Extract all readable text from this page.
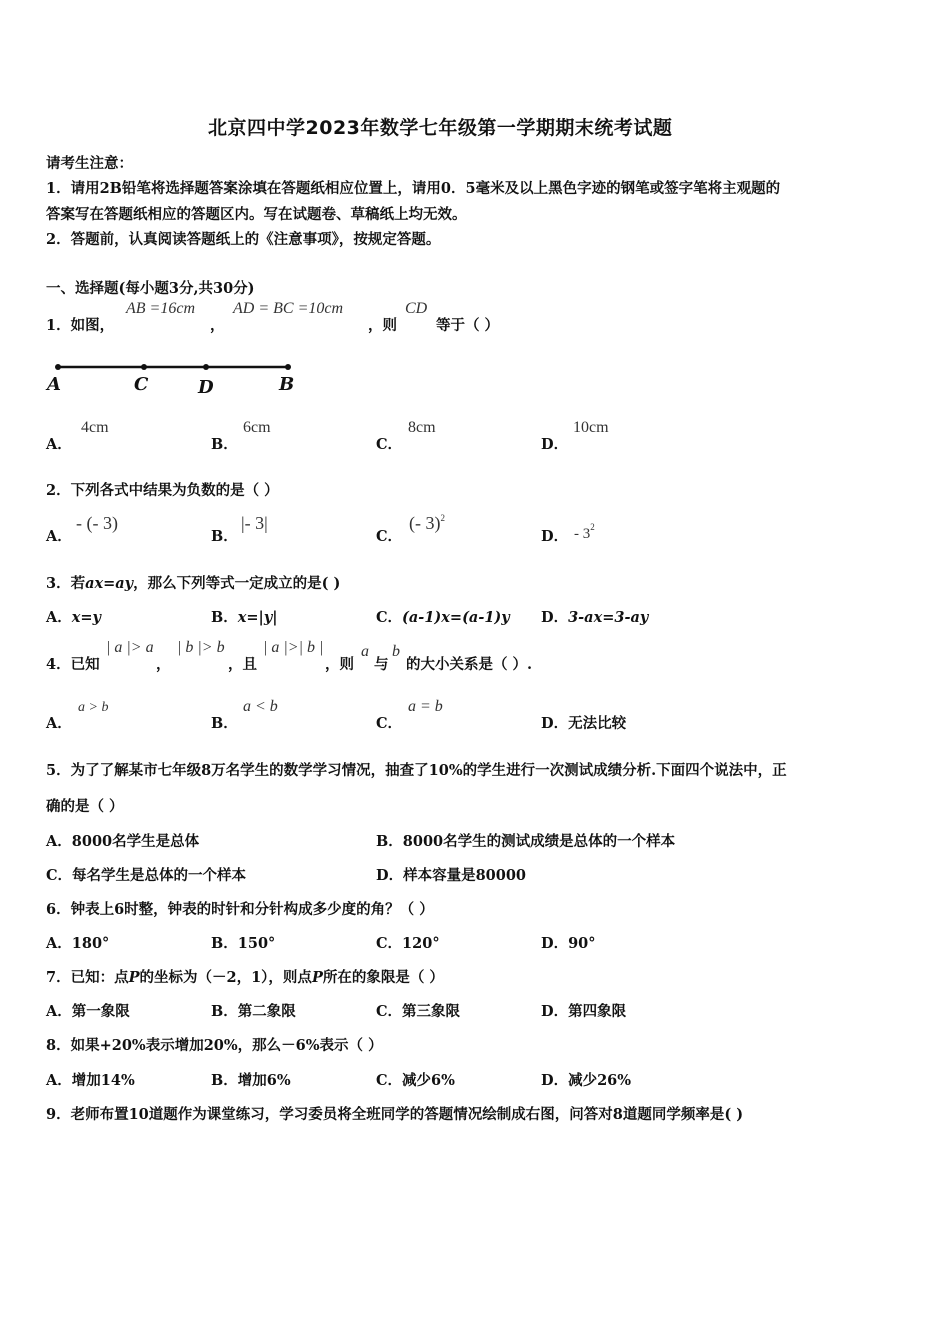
北京四中学2023年数学七年级第一学期期末统考试题
请考生注意：
1．请用2B铅笔将选择题答案涂填在答题纸相应位置上，请用0．5毫米及以上黑色字迹的钢笔或签字笔将主观题的
答案写在答题纸相应的答题区内。写在试题卷、草稿纸上均无效。
2．答题前，认真阅读答题纸上的《注意事项》，按规定答题。
一、选择题(每小题3分,共30分)
1．如图，
AB =16cm
，
AD = BC =10cm
，则
CD
等于（ ）
A	C	D	B
A．
4cm
B．
6cm
C．
8cm
D．
10cm
2．下列各式中结果为负数的是（ ）
A．
- (- 3)
B．
|- 3|
C．
(- 3)$^2$
D． - $3^2$
3．若ax=ay，那么下列等式一定成立的是( )
A．x=y	B．x=|y|	C．(a-1)x=(a-1)y D．3-ax=3-ay
4．已知
| a |> a
，
| b |> b
，且
| a |>| b |
，则
a
与
b
的大小关系是（ ）.
A．
a > b
B．
a < b
C．
a = b
D．无法比较
5．为了了解某市七年级8万名学生的数学学习情况，抽查了10%的学生进行一次测试成绩分析.下面四个说法中，正
确的是（ ）
A．8000名学生是总体	B．8000名学生的测试成绩是总体的一个样本
C．每名学生是总体的一个样本	D．样本容量是80000
6．钟表上6时整，钟表的时针和分针构成多少度的角？（ ）
A．180°	B．150°	C．120°	D．90°
7．已知：点P的坐标为（－2，1），则点P所在的象限是（ ）
A．第一象限	B．第二象限	C．第三象限	D．第四象限
8．如果+20%表示增加20%，那么－6%表示（ ）
A．增加14%	B．增加6%	C．减少6%	D．减少26%
9．老师布置10道题作为课堂练习，学习委员将全班同学的答题情况绘制成右图，问答对8道题同学频率是( )
